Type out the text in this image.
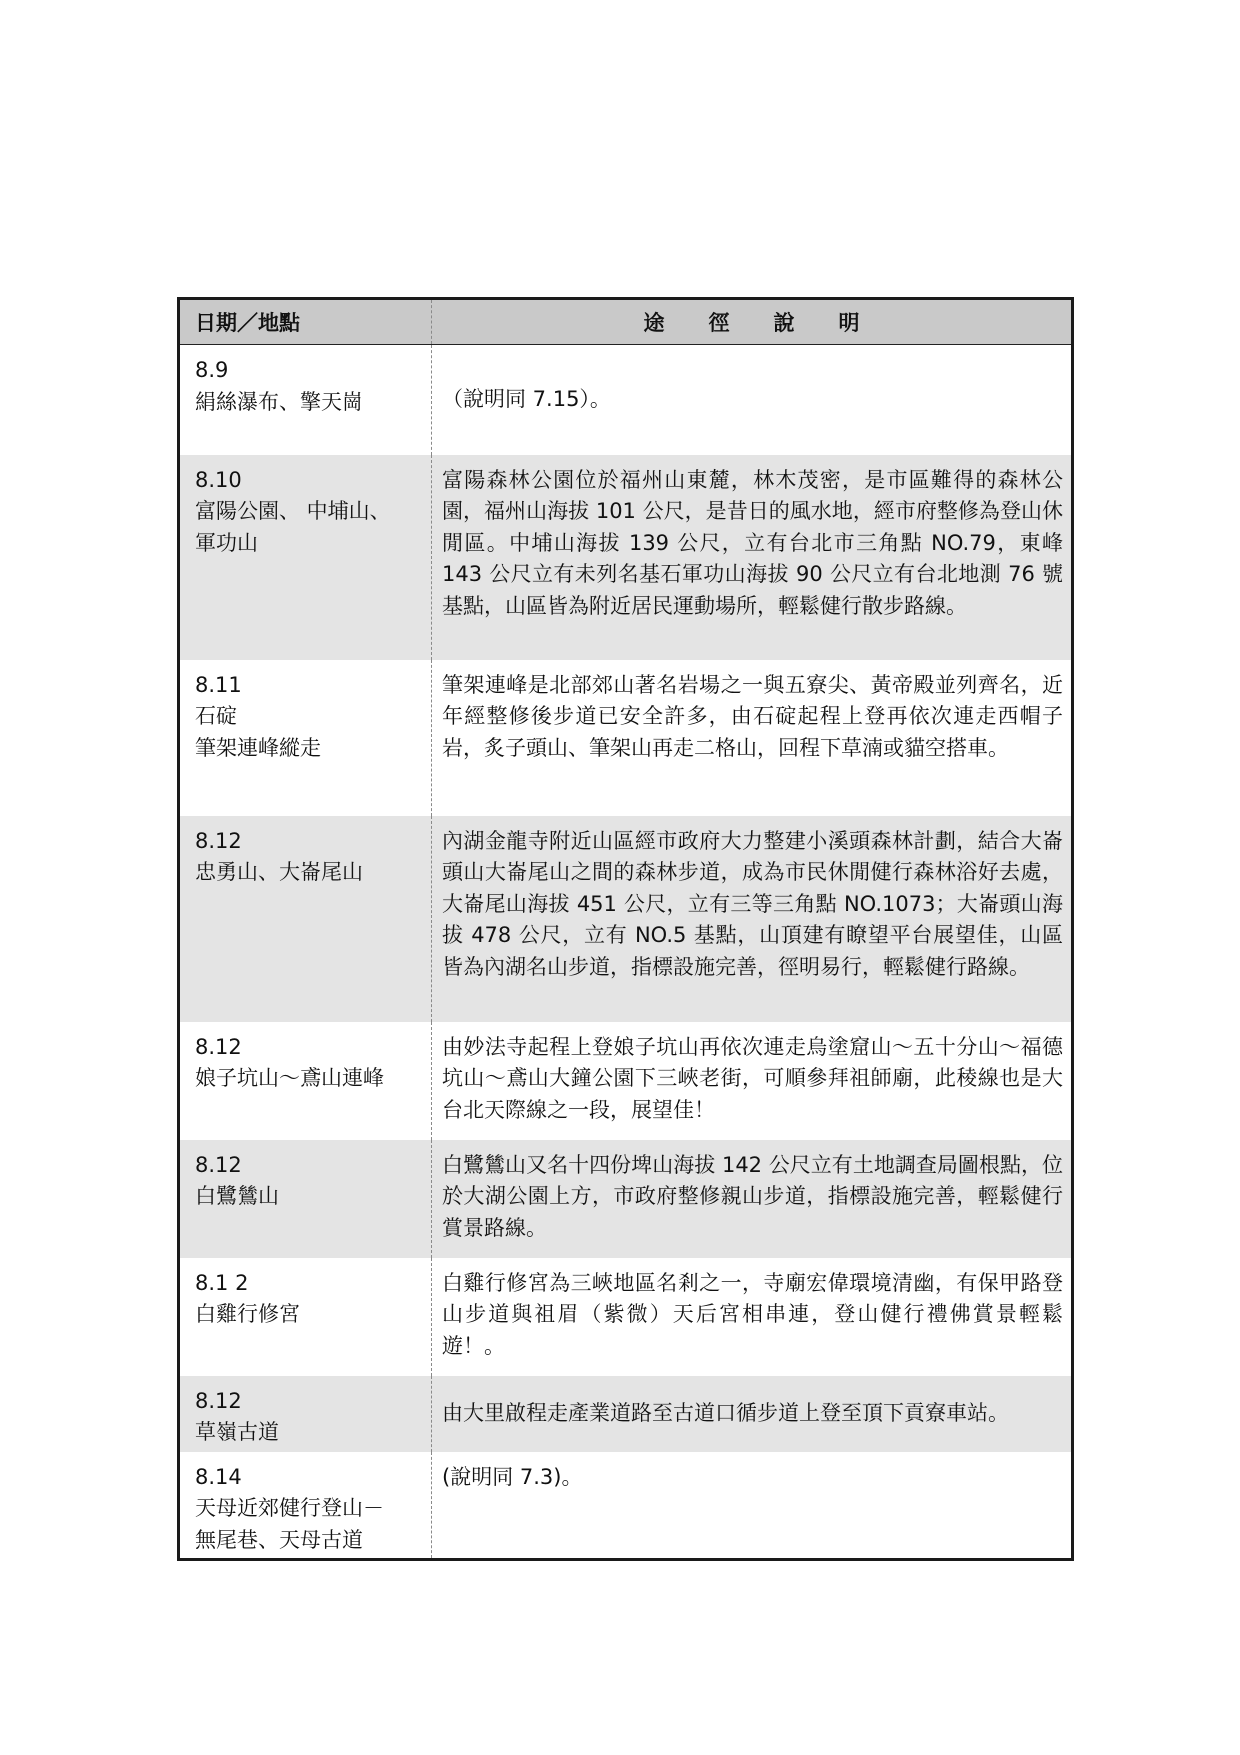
日期／地點	途 徑 說 明

8.9
絹絲瀑布、擎天崗	（說明同 7.15）。

8.10
富陽公園、 中埔山、
軍功山	富陽森林公園位於福州山東麓，林木茂密，是市區難得的森林公園，福州山海拔 101 公尺，是昔日的風水地，經市府整修為登山休閒區。中埔山海拔 139 公尺，立有台北市三角點 NO.79，東峰 143 公尺立有未列名基石軍功山海拔 90 公尺立有台北地測 76 號基點，山區皆為附近居民運動場所，輕鬆健行散步路線。

8.11
石碇
筆架連峰縱走	筆架連峰是北部郊山著名岩場之一與五寮尖、黃帝殿並列齊名，近年經整修後步道已安全許多，由石碇起程上登再依次連走西帽子岩，炙子頭山、筆架山再走二格山，回程下草湳或貓空搭車。

8.12
忠勇山、大崙尾山	內湖金龍寺附近山區經市政府大力整建小溪頭森林計劃，結合大崙頭山大崙尾山之間的森林步道，成為市民休閒健行森林浴好去處，大崙尾山海拔 451 公尺，立有三等三角點 NO.1073；大崙頭山海拔 478 公尺，立有 NO.5 基點，山頂建有瞭望平台展望佳，山區皆為內湖名山步道，指標設施完善，徑明易行，輕鬆健行路線。

8.12
娘子坑山～鳶山連峰	由妙法寺起程上登娘子坑山再依次連走烏塗窟山～五十分山～福德坑山～鳶山大鐘公園下三峽老街，可順參拜祖師廟，此稜線也是大台北天際線之一段，展望佳！

8.12
白鷺鷥山	白鷺鷥山又名十四份埤山海拔 142 公尺立有土地調查局圖根點，位於大湖公園上方，市政府整修親山步道，指標設施完善，輕鬆健行賞景路線。

8.1 2
白雞行修宮	白雞行修宮為三峽地區名剎之一，寺廟宏偉環境清幽，有保甲路登山步道與祖眉（紫微）天后宮相串連，登山健行禮佛賞景輕鬆遊！。

8.12
草嶺古道	由大里啟程走產業道路至古道口循步道上登至頂下貢寮車站。

8.14
天母近郊健行登山－
無尾巷、天母古道	(說明同 7.3)。
